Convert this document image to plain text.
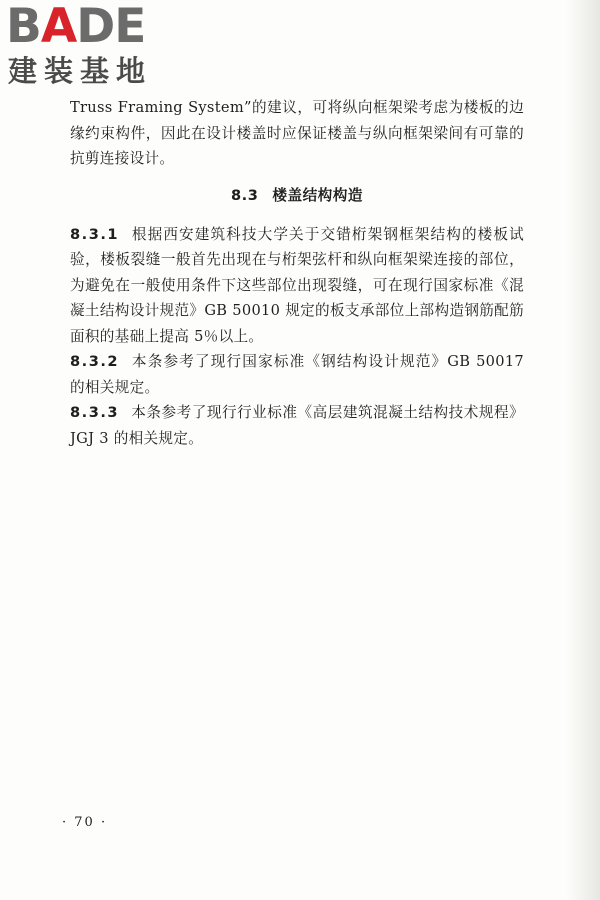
BADE
建装基地

Truss Framing System”的建议，可将纵向框架梁考虑为楼板的边缘约束构件，因此在设计楼盖时应保证楼盖与纵向框架梁间有可靠的抗剪连接设计。

8.3 楼盖结构构造

8.3.1 根据西安建筑科技大学关于交错桁架钢框架结构的楼板试验，楼板裂缝一般首先出现在与桁架弦杆和纵向框架梁连接的部位，为避免在一般使用条件下这些部位出现裂缝，可在现行国家标准《混凝土结构设计规范》GB 50010 规定的板支承部位上部构造钢筋配筋面积的基础上提高 5％以上。

8.3.2 本条参考了现行国家标准《钢结构设计规范》GB 50017 的相关规定。

8.3.3 本条参考了现行行业标准《高层建筑混凝土结构技术规程》JGJ 3 的相关规定。

· 70 ·
